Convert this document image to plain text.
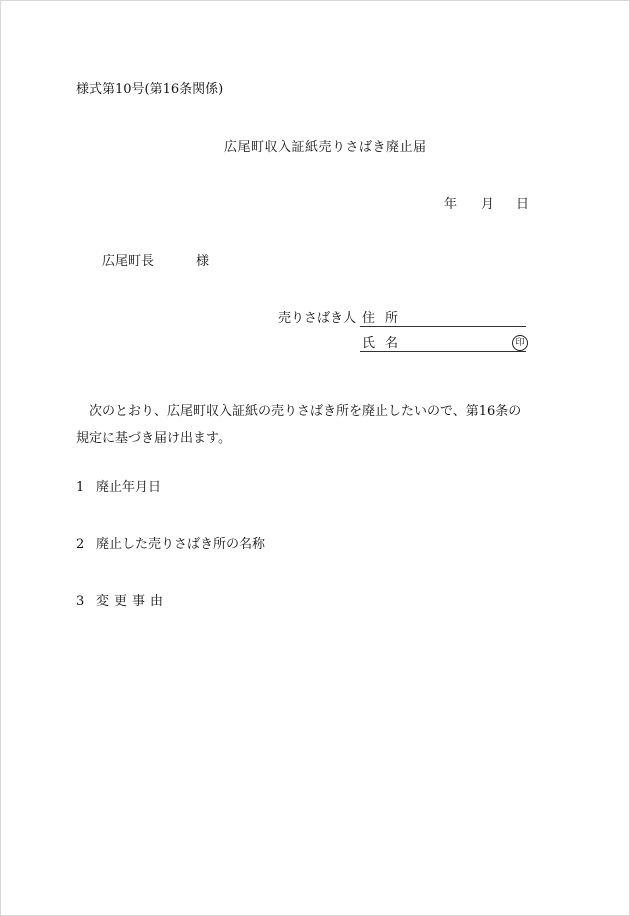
様式第10号(第16条関係)
広尾町収入証紙売りさばき廃止届
年 月 日
広尾町長	様
売りさばき人 住所
氏名	印
次のとおり、広尾町収入証紙の売りさばき所を廃止したいので、第16条の規定に基づき届け出ます。
1 廃止年月日
2 廃止した売りさばき所の名称
3 変更事由
